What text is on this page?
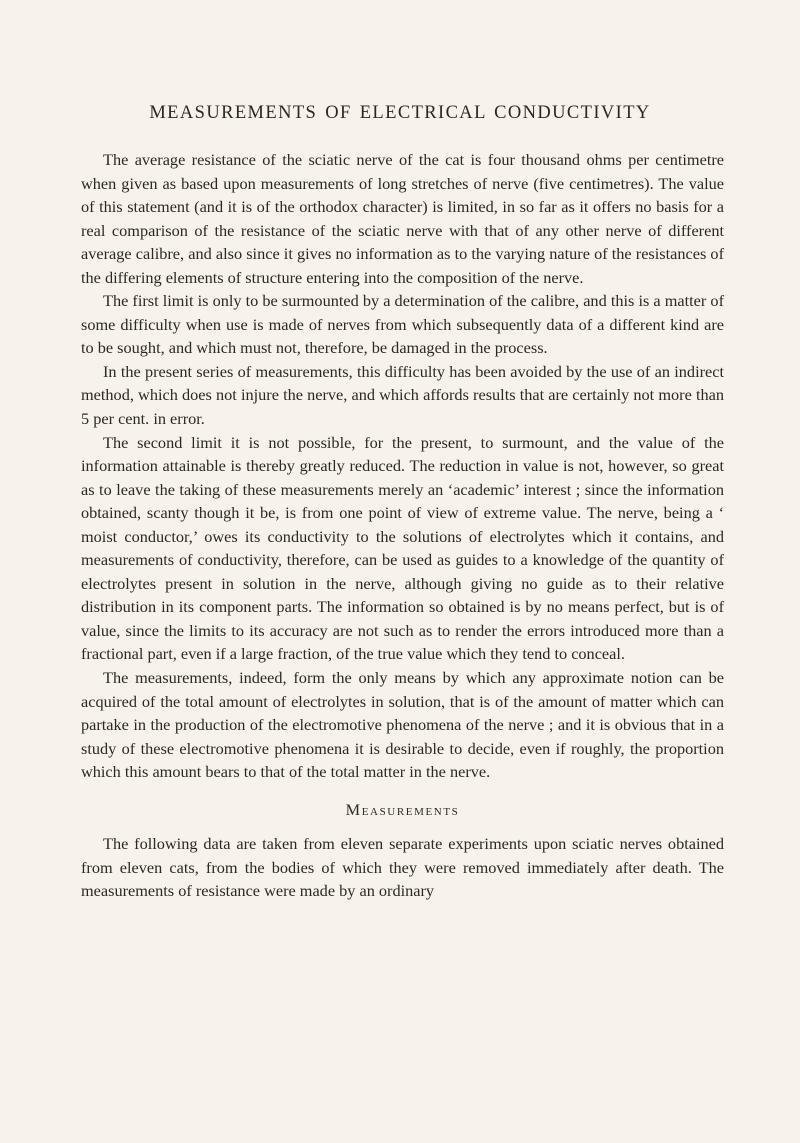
MEASUREMENTS OF ELECTRICAL CONDUCTIVITY

The average resistance of the sciatic nerve of the cat is four thousand ohms per centimetre when given as based upon measurements of long stretches of nerve (five centimetres). The value of this statement (and it is of the orthodox character) is limited, in so far as it offers no basis for a real comparison of the resistance of the sciatic nerve with that of any other nerve of different average calibre, and also since it gives no information as to the varying nature of the resistances of the differing elements of structure entering into the composition of the nerve.

The first limit is only to be surmounted by a determination of the calibre, and this is a matter of some difficulty when use is made of nerves from which subsequently data of a different kind are to be sought, and which must not, therefore, be damaged in the process.

In the present series of measurements, this difficulty has been avoided by the use of an indirect method, which does not injure the nerve, and which affords results that are certainly not more than 5 per cent. in error.

The second limit it is not possible, for the present, to surmount, and the value of the information attainable is thereby greatly reduced. The reduction in value is not, however, so great as to leave the taking of these measurements merely an ‘academic’ interest ; since the information obtained, scanty though it be, is from one point of view of extreme value. The nerve, being a ‘ moist conductor,’ owes its conductivity to the solutions of electrolytes which it contains, and measurements of conductivity, therefore, can be used as guides to a knowledge of the quantity of electrolytes present in solution in the nerve, although giving no guide as to their relative distribution in its component parts. The information so obtained is by no means perfect, but is of value, since the limits to its accuracy are not such as to render the errors introduced more than a fractional part, even if a large fraction, of the true value which they tend to conceal.

The measurements, indeed, form the only means by which any approximate notion can be acquired of the total amount of electrolytes in solution, that is of the amount of matter which can partake in the production of the electromotive phenomena of the nerve ; and it is obvious that in a study of these electromotive phenomena it is desirable to decide, even if roughly, the proportion which this amount bears to that of the total matter in the nerve.

Measurements

The following data are taken from eleven separate experiments upon sciatic nerves obtained from eleven cats, from the bodies of which they were removed immediately after death. The measurements of resistance were made by an ordinary
